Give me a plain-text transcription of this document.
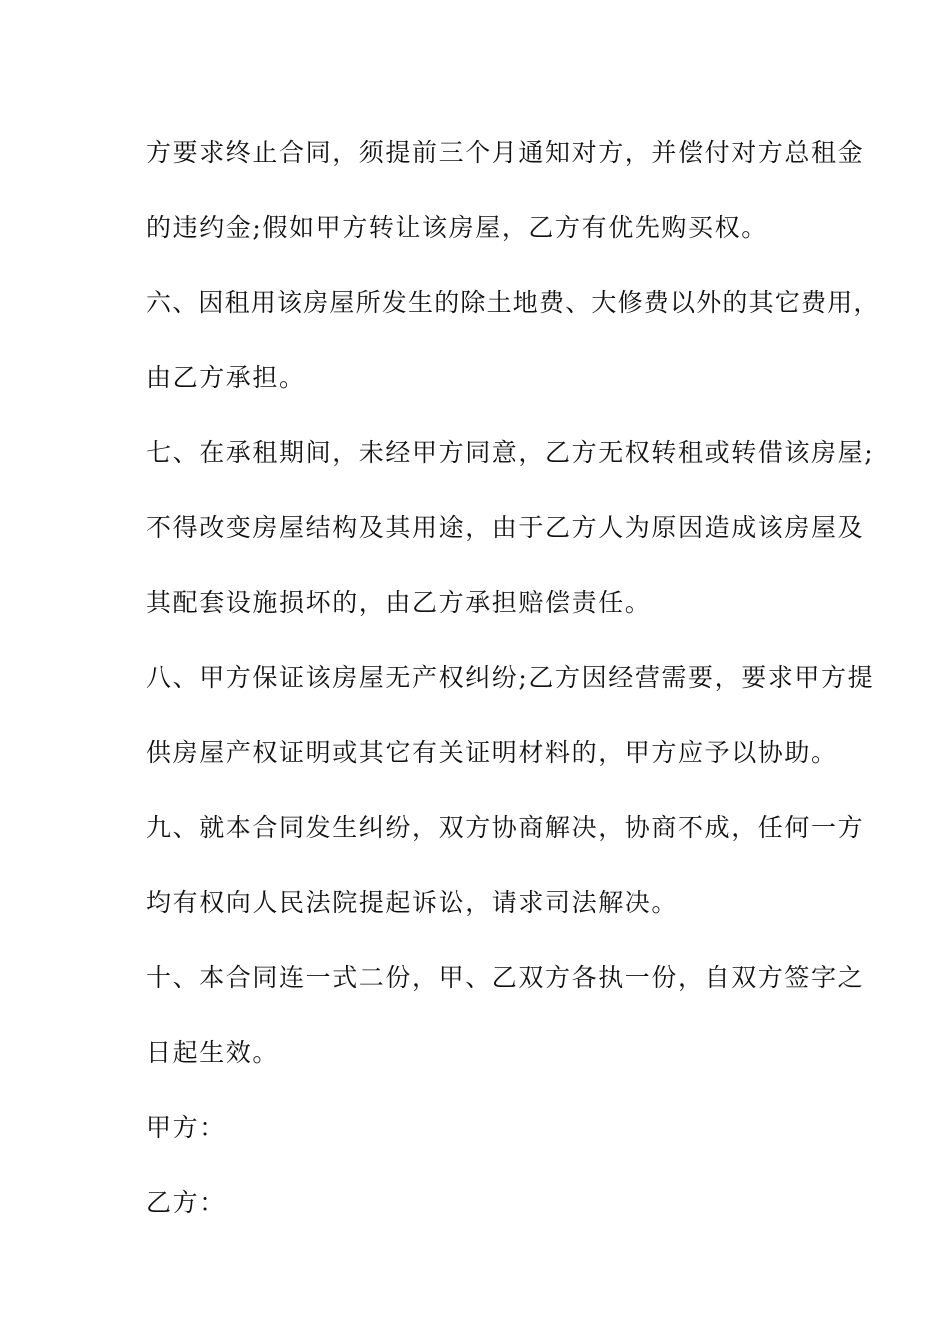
方要求终止合同，须提前三个月通知对方，并偿付对方总租金
的违约金;假如甲方转让该房屋，乙方有优先购买权。
六、因租用该房屋所发生的除土地费、大修费以外的其它费用，
由乙方承担。
七、在承租期间，未经甲方同意，乙方无权转租或转借该房屋;
不得改变房屋结构及其用途，由于乙方人为原因造成该房屋及
其配套设施损坏的，由乙方承担赔偿责任。
八、甲方保证该房屋无产权纠纷;乙方因经营需要，要求甲方提
供房屋产权证明或其它有关证明材料的，甲方应予以协助。
九、就本合同发生纠纷，双方协商解决，协商不成，任何一方
均有权向人民法院提起诉讼，请求司法解决。
十、本合同连一式二份，甲、乙双方各执一份，自双方签字之
日起生效。
甲方：
乙方：
